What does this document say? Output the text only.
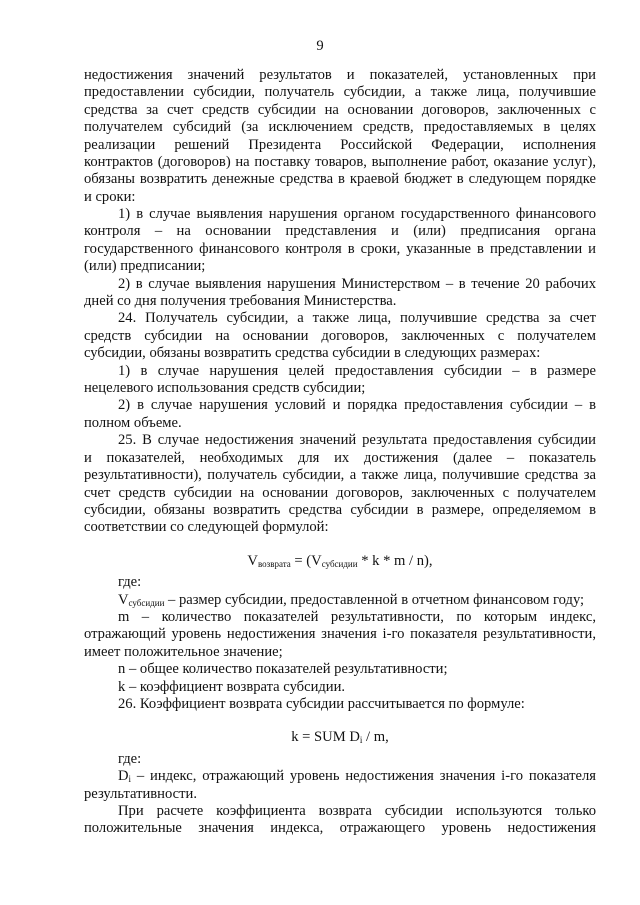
9

недостижения значений результатов и показателей, установленных при
предоставлении субсидии, получатель субсидии, а также лица, получившие
средства за счет средств субсидии на основании договоров, заключенных с
получателем субсидий (за исключением средств, предоставляемых в целях
реализации решений Президента Российской Федерации, исполнения
контрактов (договоров) на поставку товаров, выполнение работ, оказание услуг),
обязаны возвратить денежные средства в краевой бюджет в следующем порядке
и сроки:

1) в случае выявления нарушения органом государственного финансового
контроля – на основании представления и (или) предписания органа
государственного финансового контроля в сроки, указанные в представлении и
(или) предписании;

2) в случае выявления нарушения Министерством – в течение 20 рабочих
дней со дня получения требования Министерства.

24. Получатель субсидии, а также лица, получившие средства за счет
средств субсидии на основании договоров, заключенных с получателем
субсидии, обязаны возвратить средства субсидии в следующих размерах:

1) в случае нарушения целей предоставления субсидии – в размере
нецелевого использования средств субсидии;

2) в случае нарушения условий и порядка предоставления субсидии – в
полном объеме.

25. В случае недостижения значений результата предоставления субсидии
и показателей, необходимых для их достижения (далее – показатель
результативности), получатель субсидии, а также лица, получившие средства за
счет средств субсидии на основании договоров, заключенных с получателем
субсидии, обязаны возвратить средства субсидии в размере, определяемом в
соответствии со следующей формулой:

$V_{возврата} = (V_{субсидии} * k * m / n)$,

где:

$V_{субсидии}$ – размер субсидии, предоставленной в отчетном финансовом году;

m – количество показателей результативности, по которым индекс,
отражающий уровень недостижения значения i-го показателя результативности,
имеет положительное значение;

n – общее количество показателей результативности;

k – коэффициент возврата субсидии.

26. Коэффициент возврата субсидии рассчитывается по формуле:

k = SUM $D_i$ / m,

где:

$D_i$ – индекс, отражающий уровень недостижения значения i-го показателя
результативности.

При расчете коэффициента возврата субсидии используются только
положительные значения индекса, отражающего уровень недостижения
